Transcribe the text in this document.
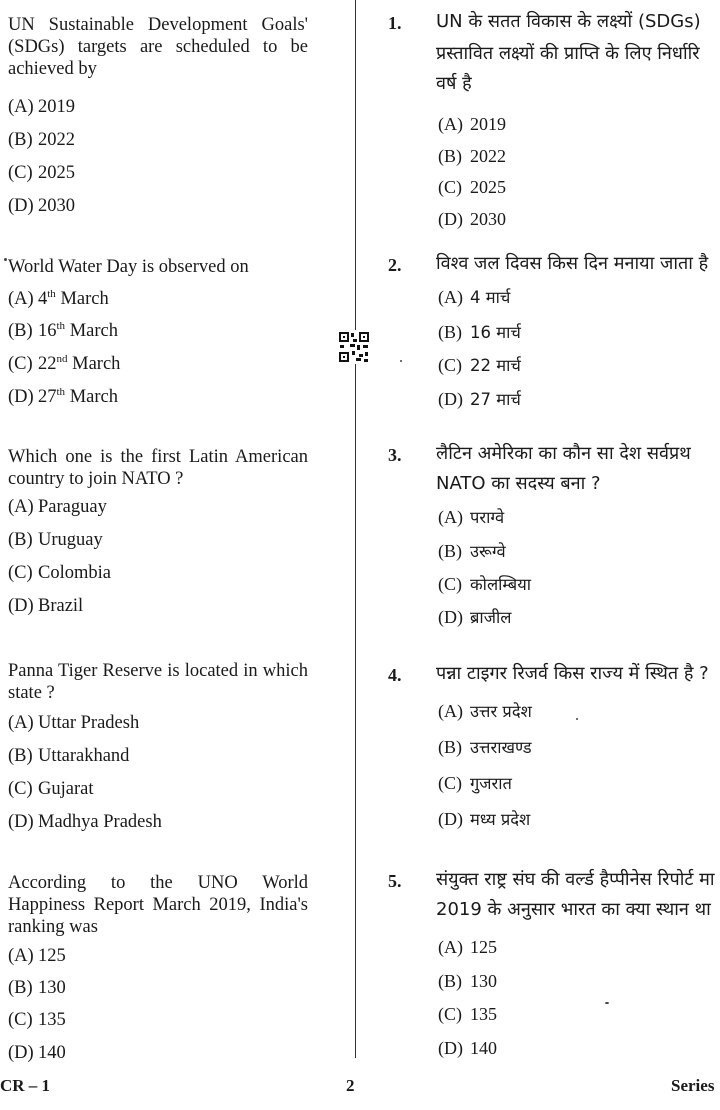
UN Sustainable Development Goals' (SDGs) targets are scheduled to be achieved by
(A) 2019
(B) 2022
(C) 2025
(D) 2030
World Water Day is observed on
(A) 4th March
(B) 16th March
(C) 22nd March
(D) 27th March
Which one is the first Latin American country to join NATO ?
(A) Paraguay
(B) Uruguay
(C) Colombia
(D) Brazil
Panna Tiger Reserve is located in which state ?
(A) Uttar Pradesh
(B) Uttarakhand
(C) Gujarat
(D) Madhya Pradesh
According to the UNO World Happiness Report March 2019, India's ranking was
(A) 125
(B) 130
(C) 135
(D) 140
1. UN के सतत विकास के लक्ष्यों (SDGs)
प्रस्तावित लक्ष्यों की प्राप्ति के लिए निर्धारि
वर्ष है
(A) 2019
(B) 2022
(C) 2025
(D) 2030
2. विश्व जल दिवस किस दिन मनाया जाता है
(A) 4 मार्च
(B) 16 मार्च
(C) 22 मार्च
(D) 27 मार्च
3. लैटिन अमेरिका का कौन सा देश सर्वप्रथ
NATO का सदस्य बना ?
(A) पराग्वे
(B) उरूग्वे
(C) कोलम्बिया
(D) ब्राजील
4. पन्ना टाइगर रिजर्व किस राज्य में स्थित है ?
(A) उत्तर प्रदेश
(B) उत्तराखण्ड
(C) गुजरात
(D) मध्य प्रदेश
5. संयुक्त राष्ट्र संघ की वर्ल्ड हैप्पीनेस रिपोर्ट मा
2019 के अनुसार भारत का क्या स्थान था
(A) 125
(B) 130
(C) 135
(D) 140
CR – 1	2	Series
